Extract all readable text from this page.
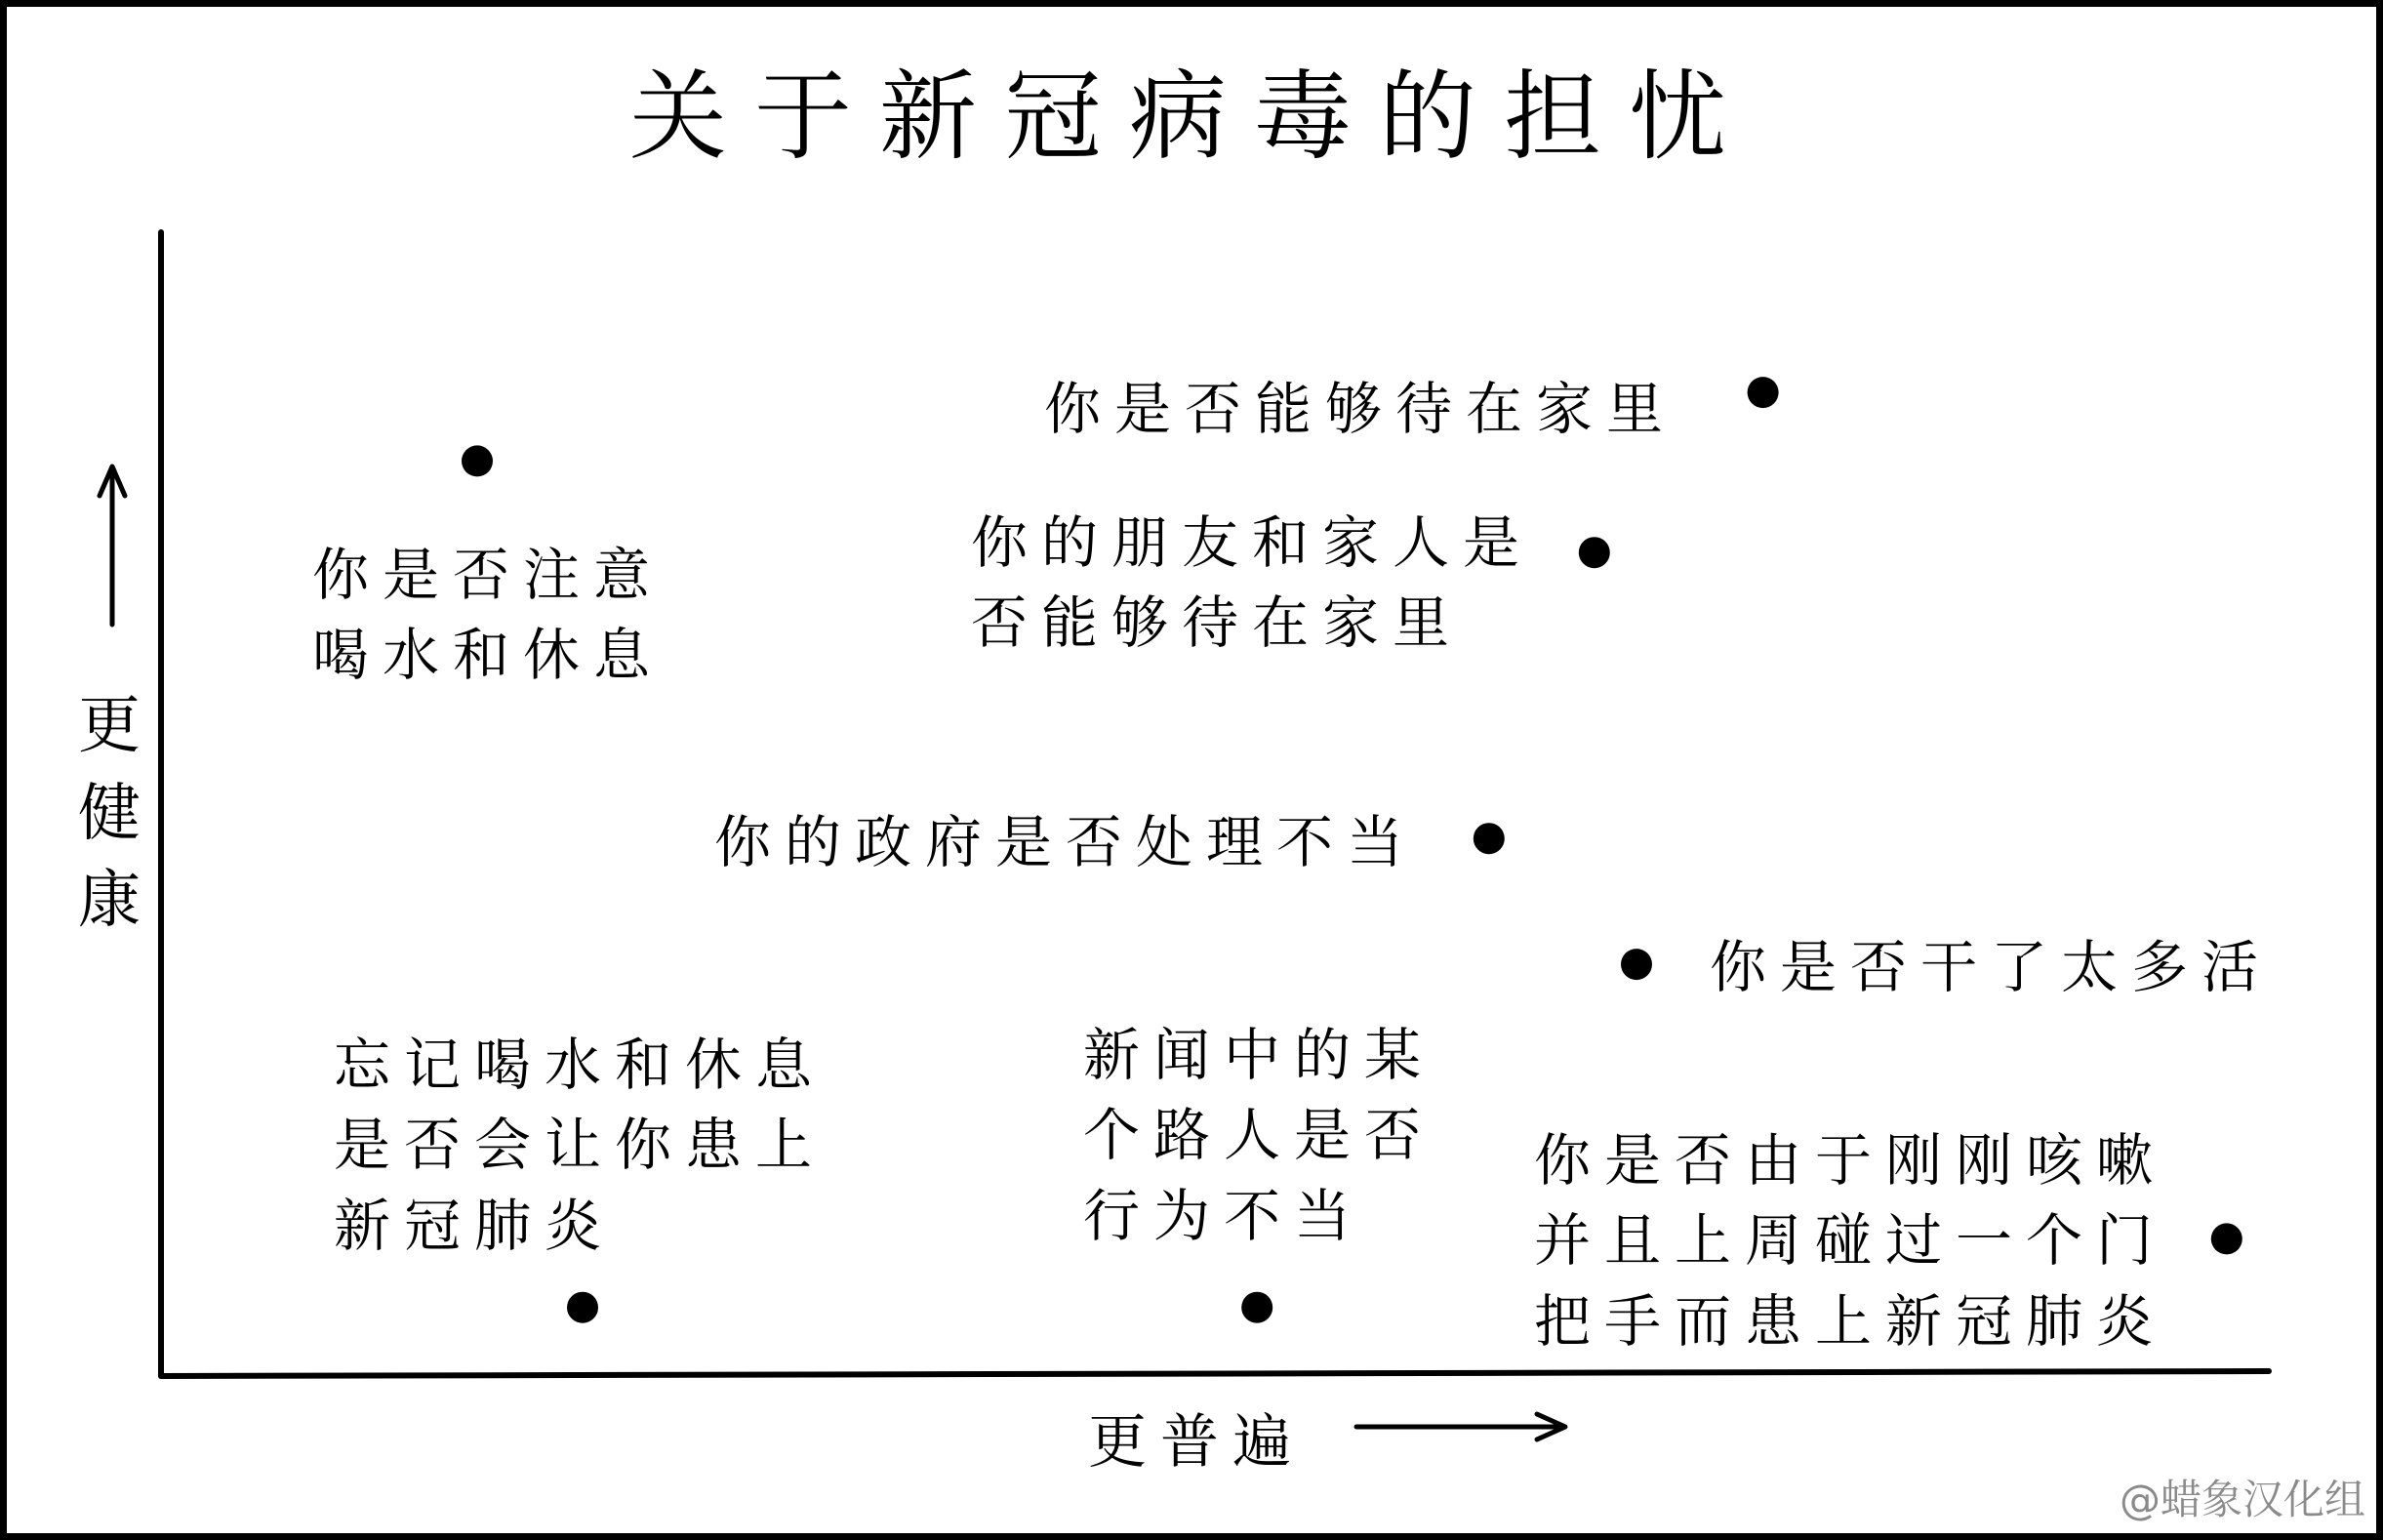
关于新冠病毒的担忧
更健康
更普遍
你是否能够待在家里
你是否注意喝水和休息
你的朋友和家人是否能够待在家里
你的政府是否处理不当
你是否干了太多活
忘记喝水和休息是否会让你患上新冠肺炎
新闻中的某个路人是否行为不当
你是否由于刚刚咳嗽并且上周碰过一个门把手而患上新冠肺炎
@蜡象汉化组
